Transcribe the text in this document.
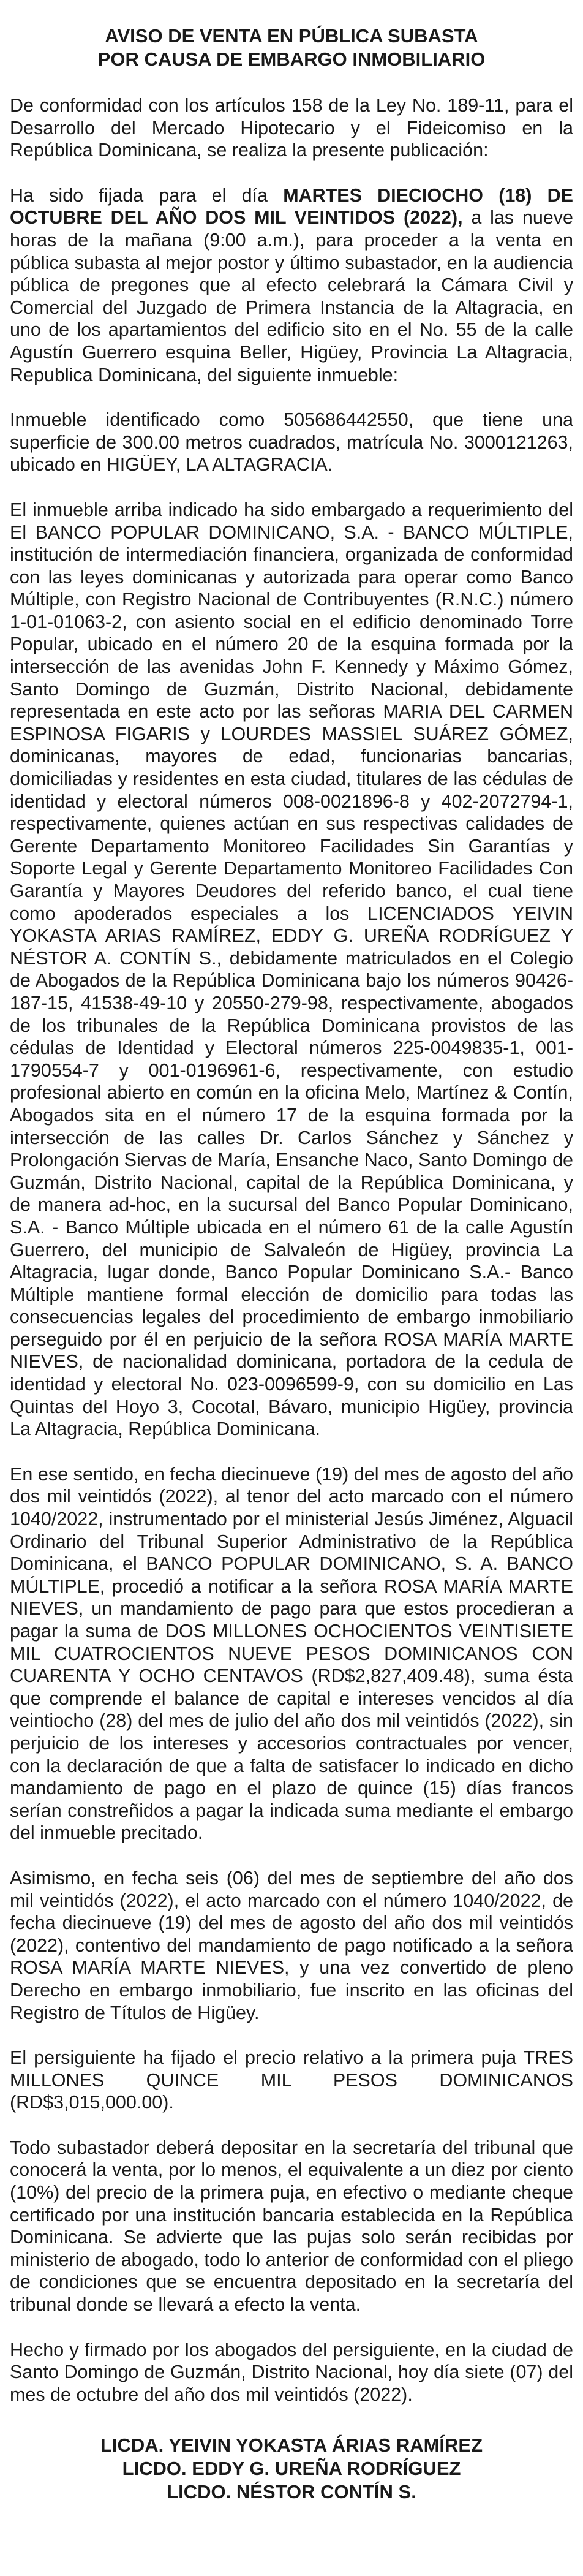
AVISO DE VENTA EN PÚBLICA SUBASTA
POR CAUSA DE EMBARGO INMOBILIARIO

De conformidad con los artículos 158 de la Ley No. 189-11, para el Desarrollo del Mercado Hipotecario y el Fideicomiso en la República Dominicana, se realiza la presente publicación:

Ha sido fijada para el día MARTES DIECIOCHO (18) DE OCTUBRE DEL AÑO DOS MIL VEINTIDOS (2022), a las nueve horas de la mañana (9:00 a.m.), para proceder a la venta en pública subasta al mejor postor y último subastador, en la audiencia pública de pregones que al efecto celebrará la Cámara Civil y Comercial del Juzgado de Primera Instancia de la Altagracia, en uno de los apartamientos del edificio sito en el No. 55 de la calle Agustín Guerrero esquina Beller, Higüey, Provincia La Altagracia, Republica Dominicana, del siguiente inmueble:

Inmueble identificado como 505686442550, que tiene una superficie de 300.00 metros cuadrados, matrícula No. 3000121263, ubicado en HIGÜEY, LA ALTAGRACIA.

El inmueble arriba indicado ha sido embargado a requerimiento del El BANCO POPULAR DOMINICANO, S.A. - BANCO MÚLTIPLE, institución de intermediación financiera, organizada de conformidad con las leyes dominicanas y autorizada para operar como Banco Múltiple, con Registro Nacional de Contribuyentes (R.N.C.) número 1-01-01063-2, con asiento social en el edificio denominado Torre Popular, ubicado en el número 20 de la esquina formada por la intersección de las avenidas John F. Kennedy y Máximo Gómez, Santo Domingo de Guzmán, Distrito Nacional, debidamente representada en este acto por las señoras MARIA DEL CARMEN ESPINOSA FIGARIS y LOURDES MASSIEL SUÁREZ GÓMEZ, dominicanas, mayores de edad, funcionarias bancarias, domiciliadas y residentes en esta ciudad, titulares de las cédulas de identidad y electoral números 008-0021896-8 y 402-2072794-1, respectivamente, quienes actúan en sus respectivas calidades de Gerente Departamento Monitoreo Facilidades Sin Garantías y Soporte Legal y Gerente Departamento Monitoreo Facilidades Con Garantía y Mayores Deudores del referido banco, el cual tiene como apoderados especiales a los LICENCIADOS YEIVIN YOKASTA ARIAS RAMÍREZ, EDDY G. UREÑA RODRÍGUEZ Y NÉSTOR A. CONTÍN S., debidamente matriculados en el Colegio de Abogados de la República Dominicana bajo los números 90426-187-15, 41538-49-10 y 20550-279-98, respectivamente, abogados de los tribunales de la República Dominicana provistos de las cédulas de Identidad y Electoral números 225-0049835-1, 001-1790554-7 y 001-0196961-6, respectivamente, con estudio profesional abierto en común en la oficina Melo, Martínez & Contín, Abogados sita en el número 17 de la esquina formada por la intersección de las calles Dr. Carlos Sánchez y Sánchez y Prolongación Siervas de María, Ensanche Naco, Santo Domingo de Guzmán, Distrito Nacional, capital de la República Dominicana, y de manera ad-hoc, en la sucursal del Banco Popular Dominicano, S.A. - Banco Múltiple ubicada en el número 61 de la calle Agustín Guerrero, del municipio de Salvaleón de Higüey, provincia La Altagracia, lugar donde, Banco Popular Dominicano S.A.- Banco Múltiple mantiene formal elección de domicilio para todas las consecuencias legales del procedimiento de embargo inmobiliario perseguido por él en perjuicio de la señora ROSA MARÍA MARTE NIEVES, de nacionalidad dominicana, portadora de la cedula de identidad y electoral No. 023-0096599-9, con su domicilio en Las Quintas del Hoyo 3, Cocotal, Bávaro, municipio Higüey, provincia La Altagracia, República Dominicana.

En ese sentido, en fecha diecinueve (19) del mes de agosto del año dos mil veintidós (2022), al tenor del acto marcado con el número 1040/2022, instrumentado por el ministerial Jesús Jiménez, Alguacil Ordinario del Tribunal Superior Administrativo de la República Dominicana, el BANCO POPULAR DOMINICANO, S. A. BANCO MÚLTIPLE, procedió a notificar a la señora ROSA MARÍA MARTE NIEVES, un mandamiento de pago para que estos procedieran a pagar la suma de DOS MILLONES OCHOCIENTOS VEINTISIETE MIL CUATROCIENTOS NUEVE PESOS DOMINICANOS CON CUARENTA Y OCHO CENTAVOS (RD$2,827,409.48), suma ésta que comprende el balance de capital e intereses vencidos al día veintiocho (28) del mes de julio del año dos mil veintidós (2022), sin perjuicio de los intereses y accesorios contractuales por vencer, con la declaración de que a falta de satisfacer lo indicado en dicho mandamiento de pago en el plazo de quince (15) días francos serían constreñidos a pagar la indicada suma mediante el embargo del inmueble precitado.

Asimismo, en fecha seis (06) del mes de septiembre del año dos mil veintidós (2022), el acto marcado con el número 1040/2022, de fecha diecinueve (19) del mes de agosto del año dos mil veintidós (2022), contentivo del mandamiento de pago notificado a la señora ROSA MARÍA MARTE NIEVES, y una vez convertido de pleno Derecho en embargo inmobiliario, fue inscrito en las oficinas del Registro de Títulos de Higüey.

El persiguiente ha fijado el precio relativo a la primera puja TRES MILLONES QUINCE MIL PESOS DOMINICANOS (RD$3,015,000.00).

Todo subastador deberá depositar en la secretaría del tribunal que conocerá la venta, por lo menos, el equivalente a un diez por ciento (10%) del precio de la primera puja, en efectivo o mediante cheque certificado por una institución bancaria establecida en la República Dominicana. Se advierte que las pujas solo serán recibidas por ministerio de abogado, todo lo anterior de conformidad con el pliego de condiciones que se encuentra depositado en la secretaría del tribunal donde se llevará a efecto la venta.

Hecho y firmado por los abogados del persiguiente, en la ciudad de Santo Domingo de Guzmán, Distrito Nacional, hoy día siete (07) del mes de octubre del año dos mil veintidós (2022).

LICDA. YEIVIN YOKASTA ÁRIAS RAMÍREZ
LICDO. EDDY G. UREÑA RODRÍGUEZ
LICDO. NÉSTOR CONTÍN S.
